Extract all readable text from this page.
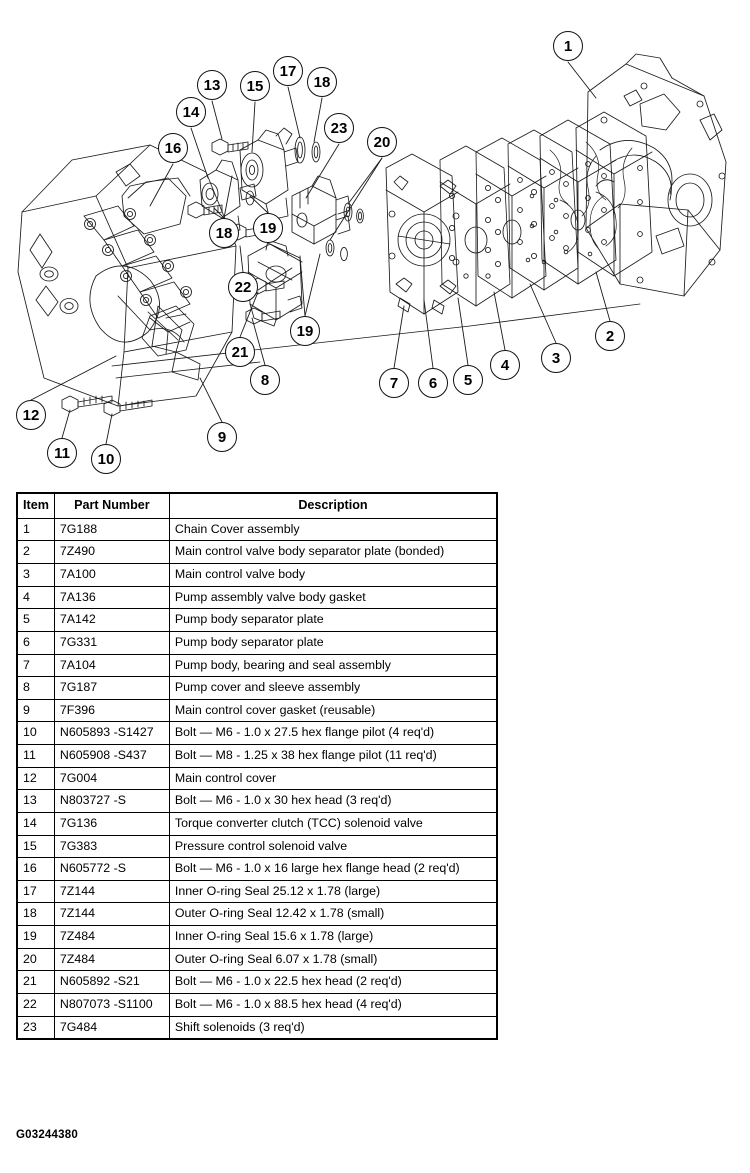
1
13	15
17
18
14
23
20
16
18	19
22
19
21
8
2
3
4
5
6
7
12
9
11	10
Item	Part Number	Description
1	7G188	Chain Cover assembly
2	7Z490	Main control valve body separator plate (bonded)
3	7A100	Main control valve body
4	7A136	Pump assembly valve body gasket
5	7A142	Pump body separator plate
6	7G331	Pump body separator plate
7	7A104	Pump body, bearing and seal assembly
8	7G187	Pump cover and sleeve assembly
9	7F396	Main control cover gasket (reusable)
10	N605893 -S1427	Bolt — M6 - 1.0 x 27.5 hex flange pilot (4 req'd)
11	N605908 -S437	Bolt — M8 - 1.25 x 38 hex flange pilot (11 req'd)
12	7G004	Main control cover
13	N803727 -S	Bolt — M6 - 1.0 x 30 hex head (3 req'd)
14	7G136	Torque converter clutch (TCC) solenoid valve
15	7G383	Pressure control solenoid valve
16	N605772 -S	Bolt — M6 - 1.0 x 16 large hex flange head (2 req'd)
17	7Z144	Inner O-ring Seal 25.12 x 1.78 (large)
18	7Z144	Outer O-ring Seal 12.42 x 1.78 (small)
19	7Z484	Inner O-ring Seal 15.6 x 1.78 (large)
20	7Z484	Outer O-ring Seal 6.07 x 1.78 (small)
21	N605892 -S21	Bolt — M6 - 1.0 x 22.5 hex head (2 req'd)
22	N807073 -S1100	Bolt — M6 - 1.0 x 88.5 hex head (4 req'd)
23	7G484	Shift solenoids (3 req'd)
G03244380
